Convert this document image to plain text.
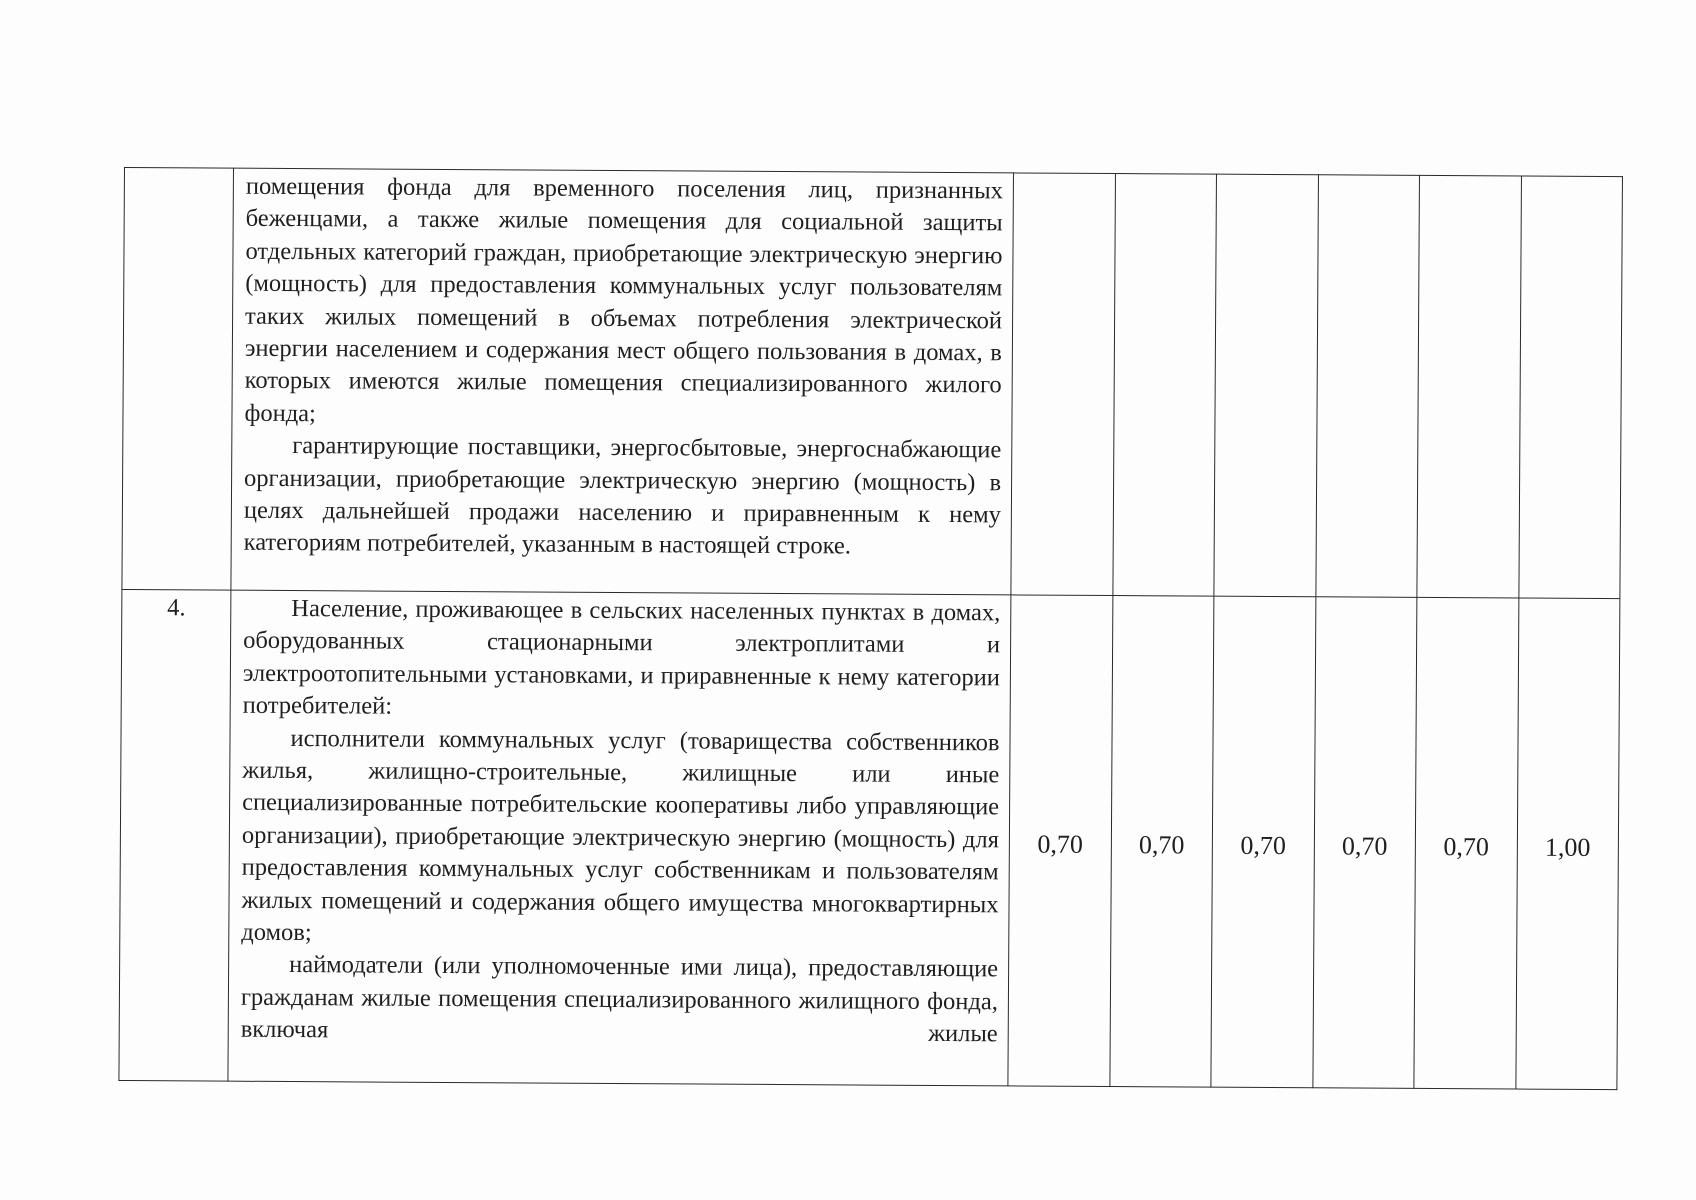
	помещения фонда для временного поселения лиц, признанных беженцами, а также жилые помещения для социальной защиты отдельных категорий граждан, приобретающие электрическую энергию (мощность) для предоставления коммунальных услуг пользователям таких жилых помещений в объемах потребления электрической энергии населением и содержания мест общего пользования в домах, в которых имеются жилые помещения специализированного жилого фонда;

гарантирующие поставщики, энергосбытовые, энергоснабжающие организации, приобретающие электрическую энергию (мощность) в целях дальнейшей продажи населению и приравненным к нему категориям потребителей, указанным в настоящей строке.						

4.	Население, проживающее в сельских населенных пунктах в домах, оборудованных стационарными электроплитами и электроотопительными установками, и приравненные к нему категории потребителей:

исполнители коммунальных услуг (товарищества собственников жилья, жилищно-строительные, жилищные или иные специализированные потребительские кооперативы либо управляющие организации), приобретающие электрическую энергию (мощность) для предоставления коммунальных услуг собственникам и пользователям жилых помещений и содержания общего имущества многоквартирных домов;

наймодатели (или уполномоченные ими лица), предоставляющие гражданам жилые помещения специализированного жилищного фонда, включая жилые	0,70	0,70	0,70	0,70	0,70	1,00
